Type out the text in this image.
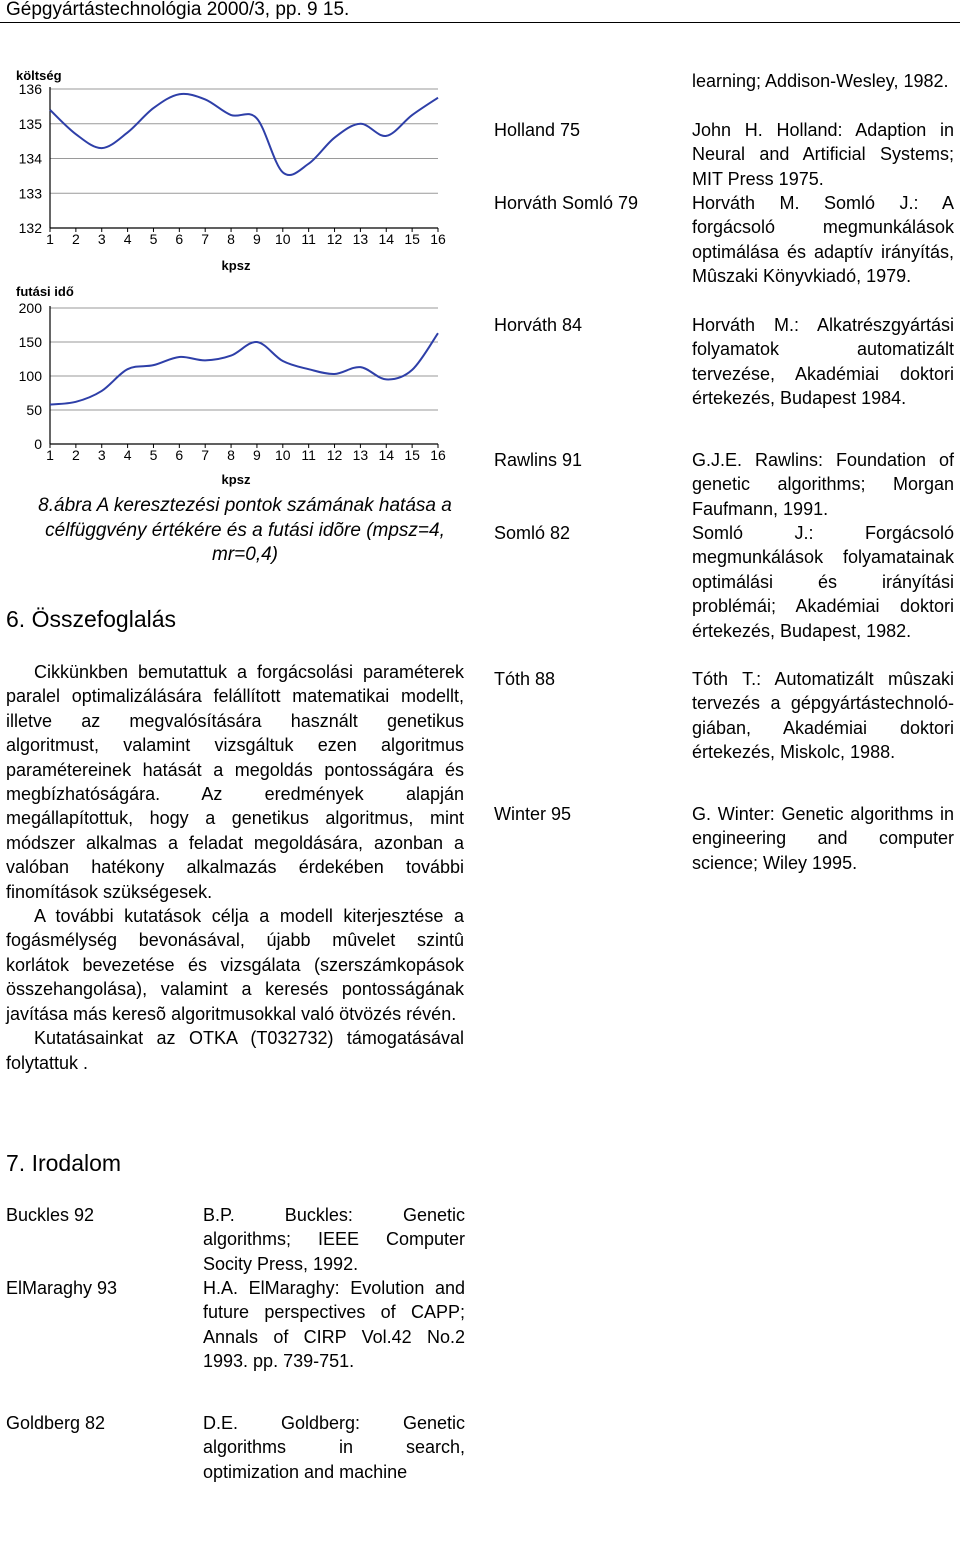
Gépgyártástechnológia 2000/3, pp. 9 15.
költség
136
135
134
133
132
1 2 3 4 5 6 7 8 9 10 11 12 13 14 15 16
kpsz
futási idő
200
150
100
50
0
1 2 3 4 5 6 7 8 9 10 11 12 13 14 15 16
kpsz
8.ábra A keresztezési pontok számának hatása a célfüggvény értékére és a futási idõre (mpsz=4, mr=0,4)
6. Összefoglalás

Cikkünkben bemutattuk a forgácsolási paraméterek paralel optimalizálására felállított matematikai modellt, illetve az megvalósítására használt genetikus algoritmust, valamint vizsgáltuk ezen algoritmus paramétereinek hatását a megoldás pontosságára és megbízhatóságára. Az eredmények alapján megállapítottuk, hogy a genetikus algoritmus, mint módszer alkalmas a feladat megoldására, azonban a valóban hatékony alkalmazás érdekében további finomítások szükségesek.

A további kutatások célja a modell kiterjesztése a fogásmélység bevonásával, újabb mûvelet szintû korlátok bevezetése és vizsgálata (szerszámkopások összehangolása), valamint a keresés pontosságának javítása más keresõ algoritmusokkal való ötvözés révén.

Kutatásainkat az OTKA (T032732) támogatásával folytattuk .

7. Irodalom
Buckles 92	B.P. Buckles: Genetic algorithms; IEEE Computer Socity Press, 1992.
ElMaraghy 93	H.A. ElMaraghy: Evolution and future perspectives of CAPP; Annals of CIRP Vol.42 No.2 1993. pp. 739-751.
Goldberg 82	D.E. Goldberg: Genetic algorithms in search, optimization and machine
learning; Addison-Wesley, 1982.
Holland 75	John H. Holland: Adaption in Neural and Artificial Systems; MIT Press 1975.
Horváth Somló 79	Horváth M. Somló J.: A forgácsoló megmunkálások optimálása és adaptív irányítás, Mûszaki Könyvkiadó, 1979.
Horváth 84	Horváth M.: Alkatrészgyártási folyamatok automatizált tervezése, Akadémiai doktori értekezés, Budapest 1984.
Rawlins 91	G.J.E. Rawlins: Foundation of genetic algorithms; Morgan Faufmann, 1991.
Somló 82	Somló J.: Forgácsoló megmunkálások folyamatainak optimálási és irányítási problémái; Akadémiai doktori értekezés, Budapest, 1982.
Tóth 88	Tóth T.: Automatizált mûszaki tervezés a gépgyártástechnoló-giában, Akadémiai doktori értekezés, Miskolc, 1988.
Winter 95	G. Winter: Genetic algorithms in engineering and computer science; Wiley 1995.
